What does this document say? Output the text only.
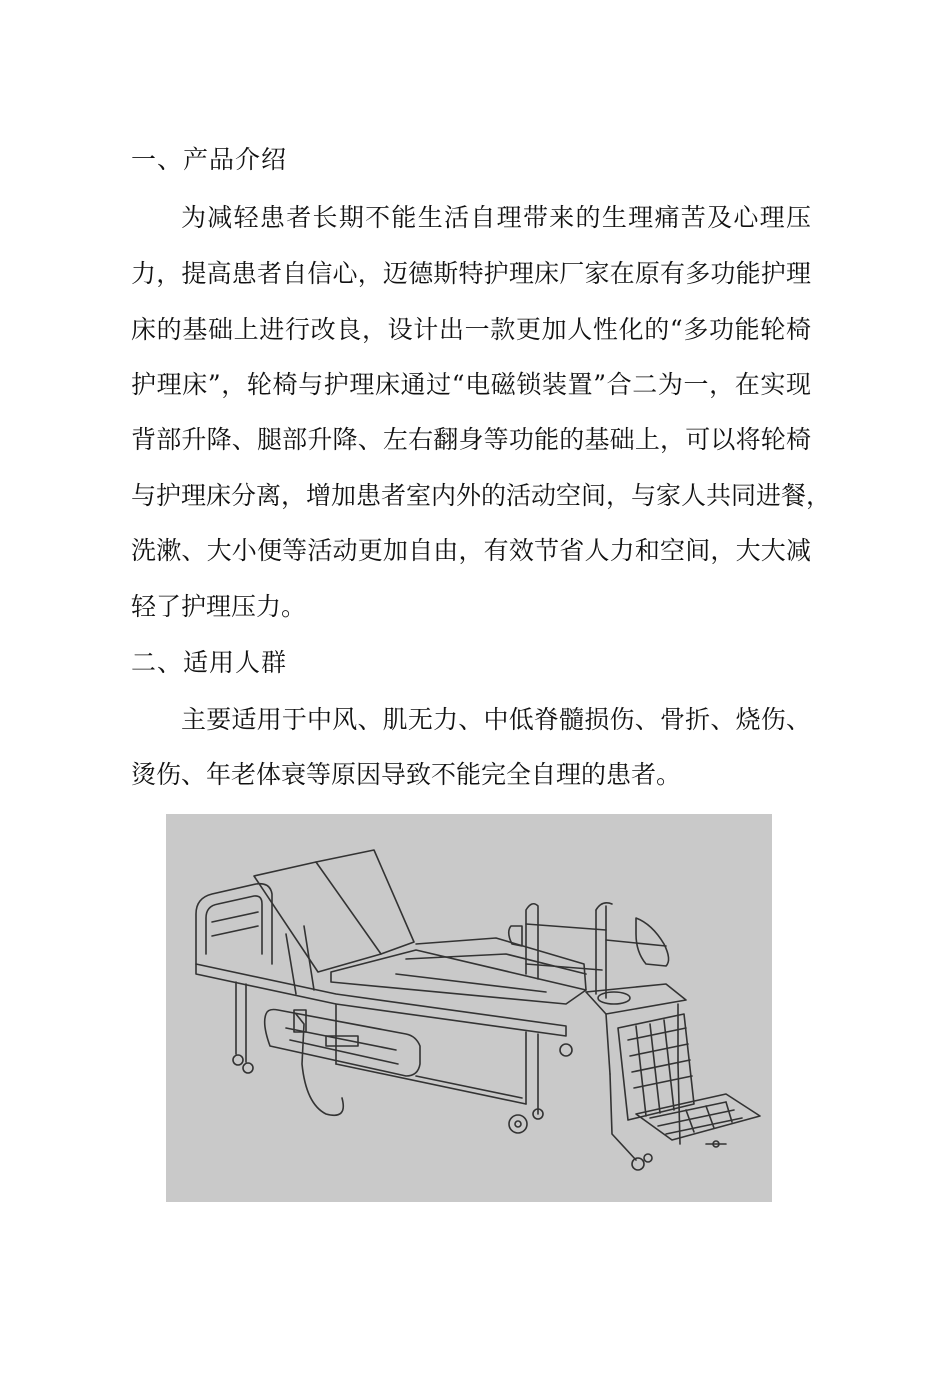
一、产品介绍
为减轻患者长期不能生活自理带来的生理痛苦及心理压
力，提高患者自信心，迈德斯特护理床厂家在原有多功能护理
床的基础上进行改良，设计出一款更加人性化的“多功能轮椅
护理床”，轮椅与护理床通过“电磁锁装置”合二为一，在实现
背部升降、腿部升降、左右翻身等功能的基础上，可以将轮椅
与护理床分离，增加患者室内外的活动空间，与家人共同进餐，
洗漱、大小便等活动更加自由，有效节省人力和空间，大大减
轻了护理压力。
二、适用人群
主要适用于中风、肌无力、中低脊髓损伤、骨折、烧伤、
烫伤、年老体衰等原因导致不能完全自理的患者。
